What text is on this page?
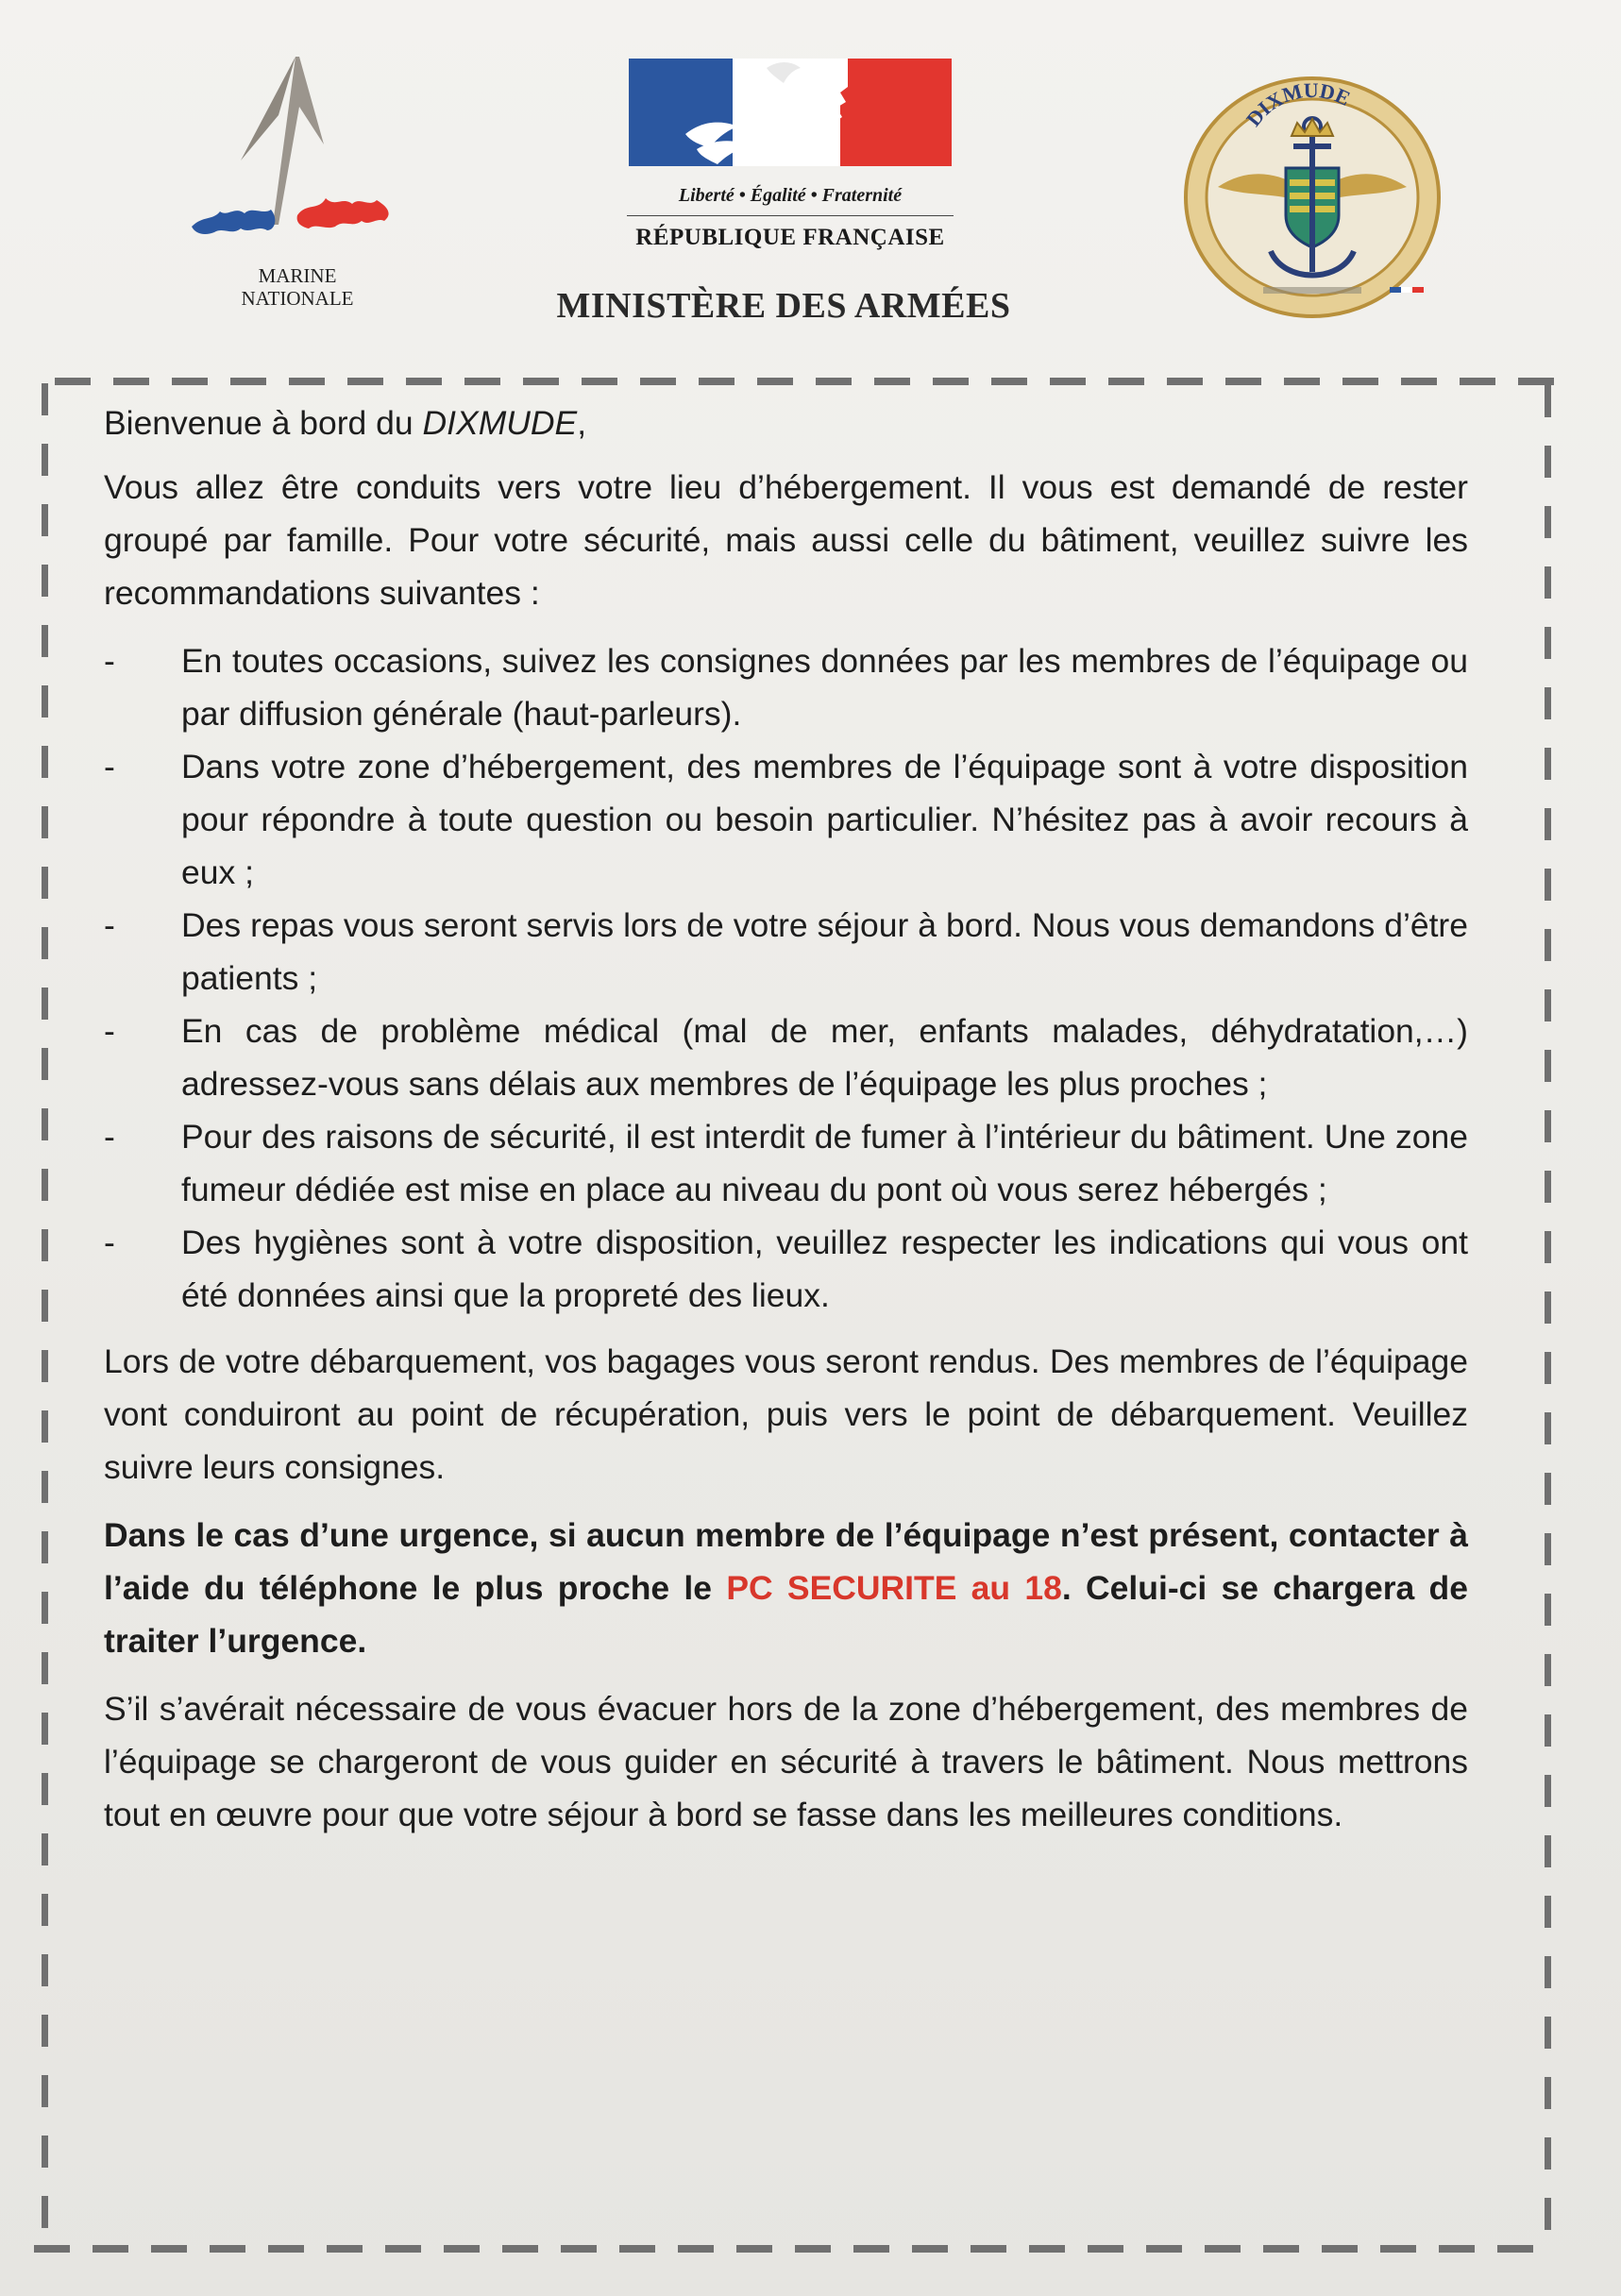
MARINE
NATIONALE
Liberté • Égalité • Fraternité
RÉPUBLIQUE FRANÇAISE
MINISTÈRE DES ARMÉES
DIXMUDE

Bienvenue à bord du DIXMUDE,

Vous allez être conduits vers votre lieu d’hébergement. Il vous est demandé de rester groupé par famille. Pour votre sécurité, mais aussi celle du bâtiment, veuillez suivre les recommandations suivantes :

- En toutes occasions, suivez les consignes données par les membres de l’équipage ou par diffusion générale (haut-parleurs).
- Dans votre zone d’hébergement, des membres de l’équipage sont à votre disposition pour répondre à toute question ou besoin particulier. N’hésitez pas à avoir recours à eux ;
- Des repas vous seront servis lors de votre séjour à bord. Nous vous demandons d’être patients ;
- En cas de problème médical (mal de mer, enfants malades, déhydratation,…) adressez-vous sans délais aux membres de l’équipage les plus proches ;
- Pour des raisons de sécurité, il est interdit de fumer à l’intérieur du bâtiment. Une zone fumeur dédiée est mise en place au niveau du pont où vous serez hébergés ;
- Des hygiènes sont à votre disposition, veuillez respecter les indications qui vous ont été données ainsi que la propreté des lieux.

Lors de votre débarquement, vos bagages vous seront rendus. Des membres de l’équipage vont conduiront au point de récupération, puis vers le point de débarquement. Veuillez suivre leurs consignes.

Dans le cas d’une urgence, si aucun membre de l’équipage n’est présent, contacter à l’aide du téléphone le plus proche le PC SECURITE au 18. Celui-ci se chargera de traiter l’urgence.

S’il s’avérait nécessaire de vous évacuer hors de la zone d’hébergement, des membres de l’équipage se chargeront de vous guider en sécurité à travers le bâtiment. Nous mettrons tout en œuvre pour que votre séjour à bord se fasse dans les meilleures conditions.
